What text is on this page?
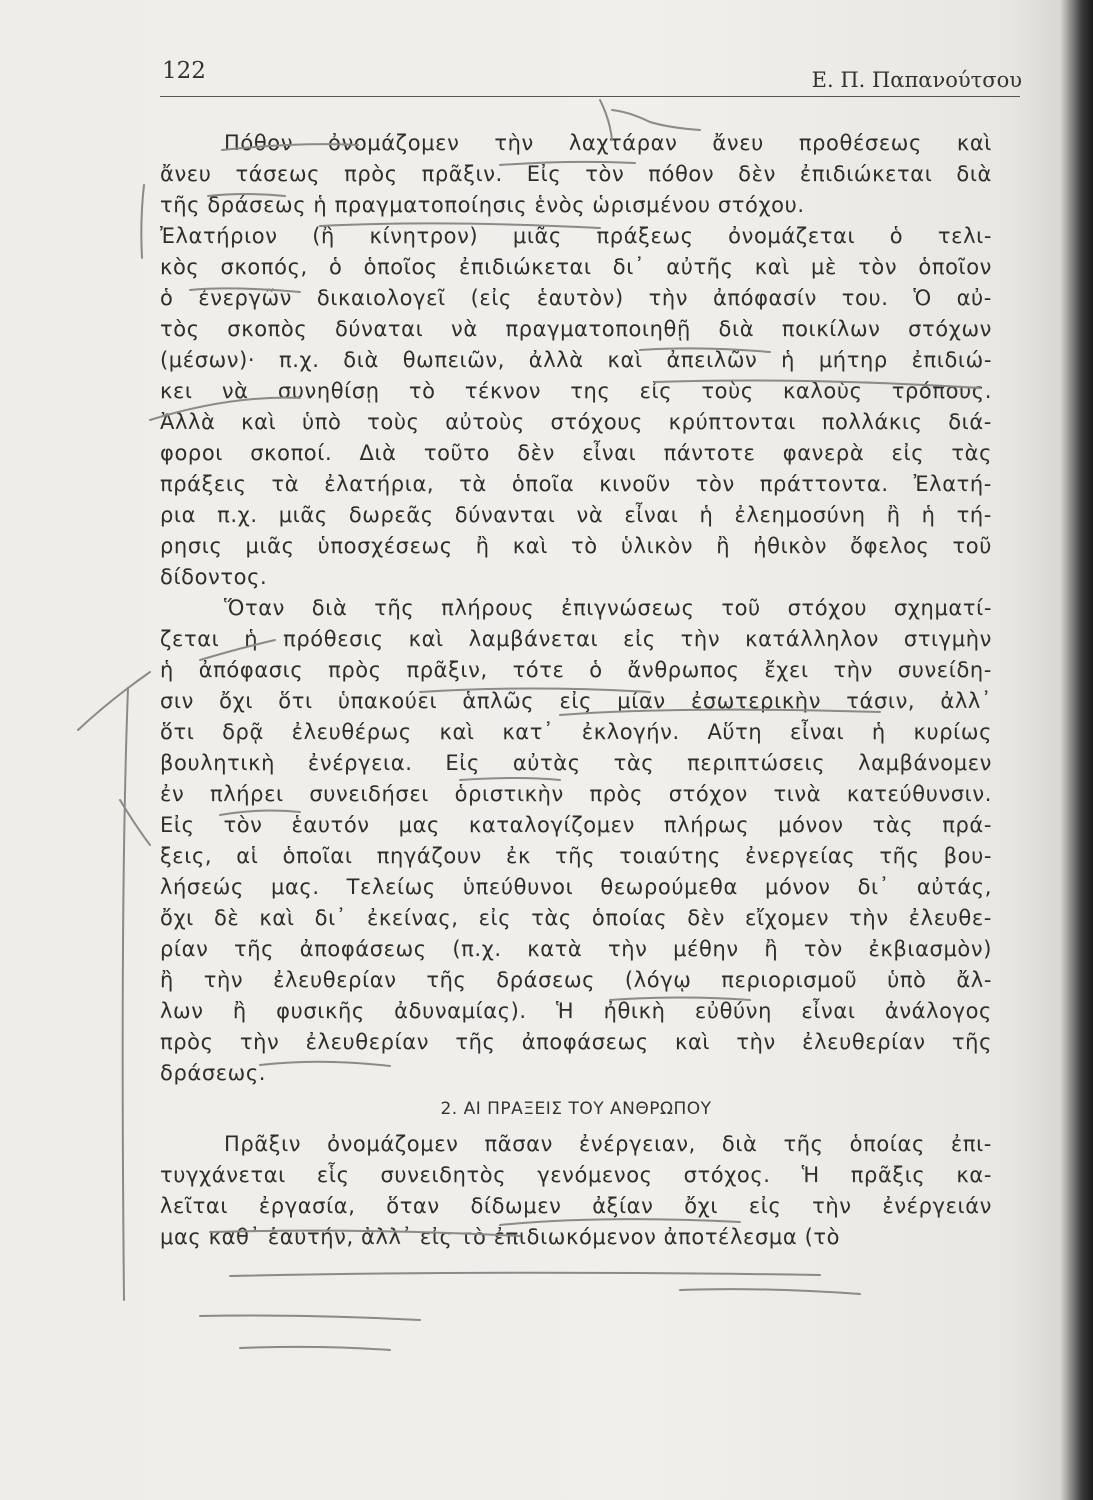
122	Ε. Π. Παπανούτσου
Πόθον ὀνομάζομεν τὴν λαχτάραν ἄνευ προθέσεως καὶ
ἄνευ τάσεως πρὸς πρᾶξιν. Εἰς τὸν πόθον δὲν ἐπιδιώκεται διὰ
τῆς δράσεως ἡ πραγματοποίησις ἑνὸς ὡρισμένου στόχου.
Ἐλατήριον (ἢ κίνητρον) μιᾶς πράξεως ὀνομάζεται ὁ τελι-
κὸς σκοπός, ὁ ὁποῖος ἐπιδιώκεται δι᾽ αὐτῆς καὶ μὲ τὸν ὁποῖον
ὁ ἐνεργῶν δικαιολογεῖ (εἰς ἑαυτὸν) τὴν ἀπόφασίν του. Ὁ αὐ-
τὸς σκοπὸς δύναται νὰ πραγματοποιηθῇ διὰ ποικίλων στόχων
(μέσων)· π.χ. διὰ θωπειῶν, ἀλλὰ καὶ ἀπειλῶν ἡ μήτηρ ἐπιδιώ-
κει νὰ συνηθίσῃ τὸ τέκνον της εἰς τοὺς καλοὺς τρόπους.
Ἀλλὰ καὶ ὑπὸ τοὺς αὐτοὺς στόχους κρύπτονται πολλάκις διά-
φοροι σκοποί. Διὰ τοῦτο δὲν εἶναι πάντοτε φανερὰ εἰς τὰς
πράξεις τὰ ἐλατήρια, τὰ ὁποῖα κινοῦν τὸν πράττοντα. Ἐλατή-
ρια π.χ. μιᾶς δωρεᾶς δύνανται νὰ εἶναι ἡ ἐλεημοσύνη ἢ ἡ τή-
ρησις μιᾶς ὑποσχέσεως ἢ καὶ τὸ ὑλικὸν ἢ ἠθικὸν ὄφελος τοῦ
δίδοντος.
Ὅταν διὰ τῆς πλήρους ἐπιγνώσεως τοῦ στόχου σχηματί-
ζεται ἡ πρόθεσις καὶ λαμβάνεται εἰς τὴν κατάλληλον στιγμὴν
ἡ ἀπόφασις πρὸς πρᾶξιν, τότε ὁ ἄνθρωπος ἔχει τὴν συνείδη-
σιν ὄχι ὅτι ὑπακούει ἁπλῶς εἰς μίαν ἐσωτερικὴν τάσιν, ἀλλ᾽
ὅτι δρᾷ ἐλευθέρως καὶ κατ᾽ ἐκλογήν. Αὕτη εἶναι ἡ κυρίως
βουλητικὴ ἐνέργεια. Εἰς αὐτὰς τὰς περιπτώσεις λαμβάνομεν
ἐν πλήρει συνειδήσει ὁριστικὴν πρὸς στόχον τινὰ κατεύθυνσιν.
Εἰς τὸν ἑαυτόν μας καταλογίζομεν πλήρως μόνον τὰς πρά-
ξεις, αἱ ὁποῖαι πηγάζουν ἐκ τῆς τοιαύτης ἐνεργείας τῆς βου-
λήσεώς μας. Τελείως ὑπεύθυνοι θεωρούμεθα μόνον δι᾽ αὐτάς,
ὄχι δὲ καὶ δι᾽ ἐκείνας, εἰς τὰς ὁποίας δὲν εἴχομεν τὴν ἐλευθε-
ρίαν τῆς ἀποφάσεως (π.χ. κατὰ τὴν μέθην ἢ τὸν ἐκβιασμὸν)
ἢ τὴν ἐλευθερίαν τῆς δράσεως (λόγῳ περιορισμοῦ ὑπὸ ἄλ-
λων ἢ φυσικῆς ἀδυναμίας). Ἡ ἠθικὴ εὐθύνη εἶναι ἀνάλογος
πρὸς τὴν ἐλευθερίαν τῆς ἀποφάσεως καὶ τὴν ἐλευθερίαν τῆς
δράσεως.
2. ΑΙ ΠΡΑΞΕΙΣ ΤΟΥ ΑΝΘΡΩΠΟΥ
Πρᾶξιν ὀνομάζομεν πᾶσαν ἐνέργειαν, διὰ τῆς ὁποίας ἐπι-
τυγχάνεται εἷς συνειδητὸς γενόμενος στόχος. Ἡ πρᾶξις κα-
λεῖται ἐργασία, ὅταν δίδωμεν ἀξίαν ὄχι εἰς τὴν ἐνέργειάν
μας καθ᾽ ἑαυτήν, ἀλλ᾽ εἰς τὸ ἐπιδιωκόμενον ἀποτέλεσμα (τὸ
